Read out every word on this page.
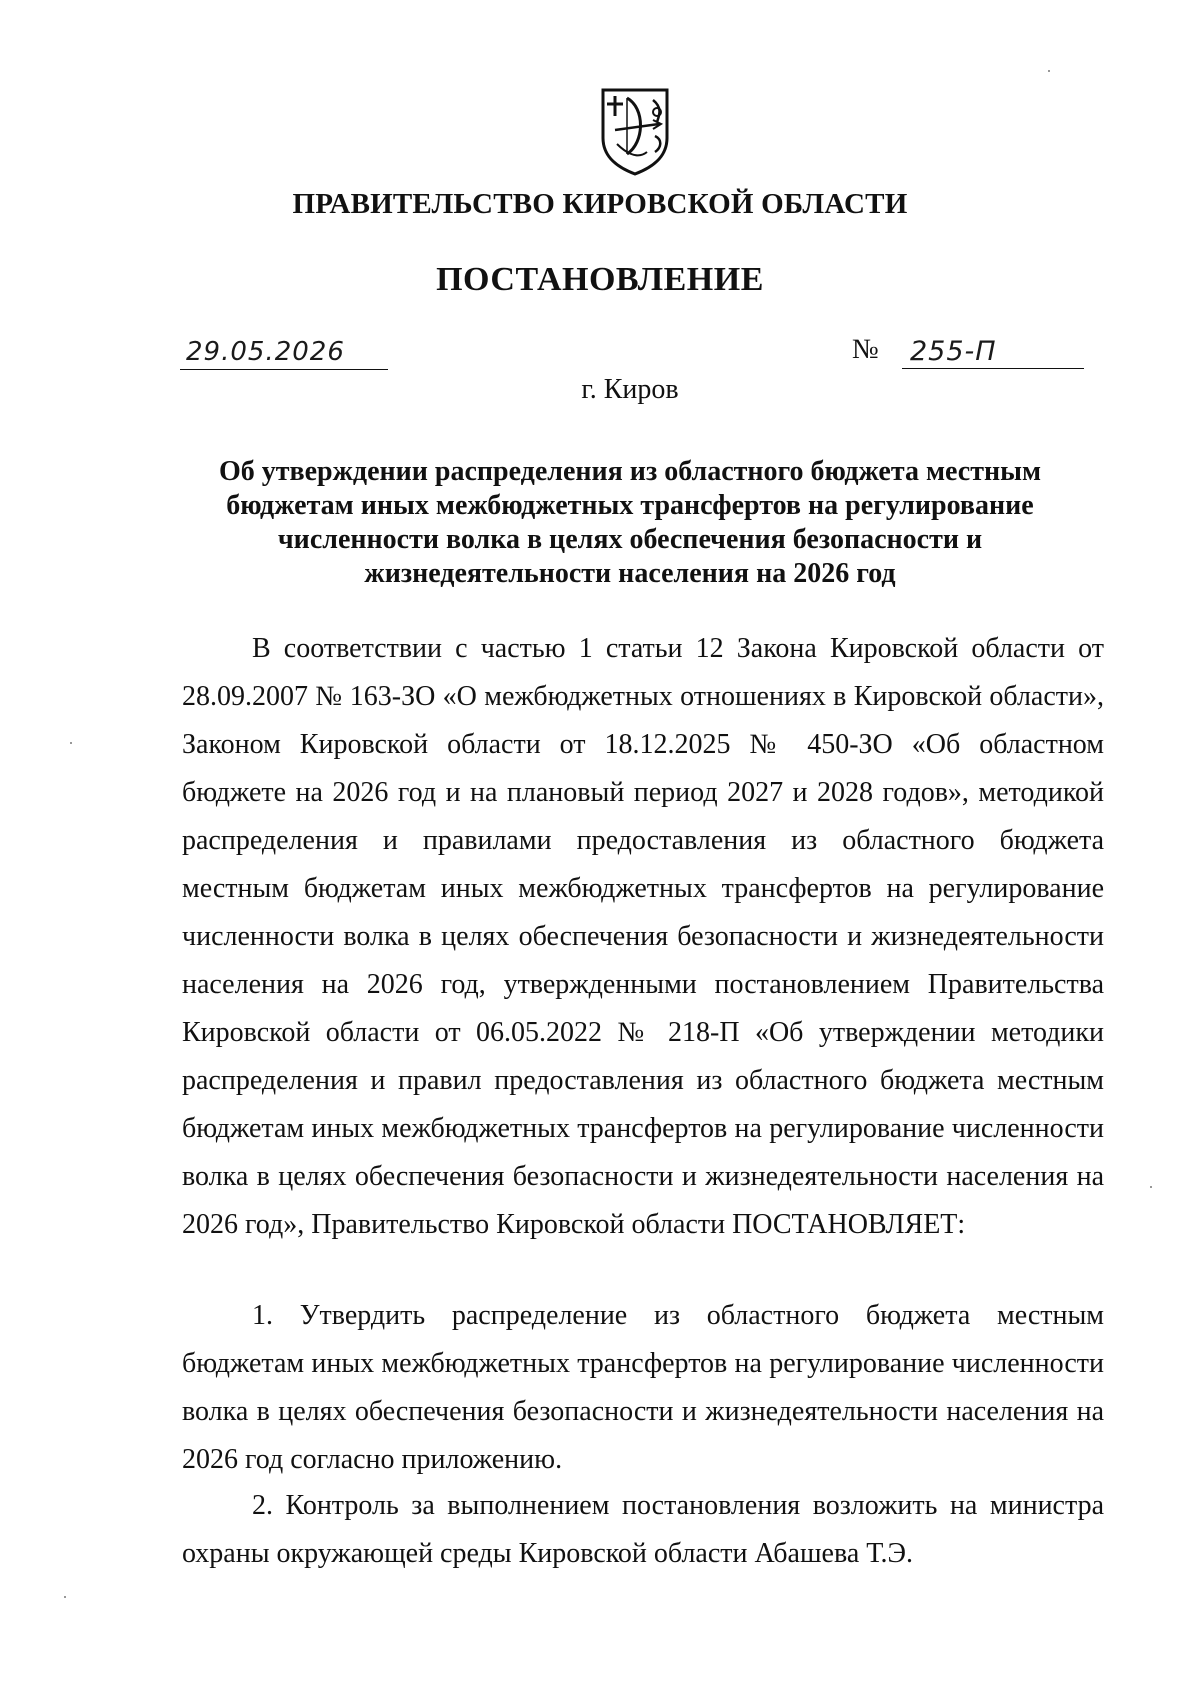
ПРАВИТЕЛЬСТВО КИРОВСКОЙ ОБЛАСТИ
ПОСТАНОВЛЕНИЕ
29.05.2026	№ 255-П
г. Киров
Об утверждении распределения из областного бюджета местным бюджетам иных межбюджетных трансфертов на регулирование численности волка в целях обеспечения безопасности и жизнедеятельности населения на 2026 год
В соответствии с частью 1 статьи 12 Закона Кировской области от 28.09.2007 № 163-ЗО «О межбюджетных отношениях в Кировской области», Законом Кировской области от 18.12.2025 № 450-ЗО «Об областном бюджете на 2026 год и на плановый период 2027 и 2028 годов», методикой распределения и правилами предоставления из областного бюджета местным бюджетам иных межбюджетных трансфертов на регулирование численности волка в целях обеспечения безопасности и жизнедеятельности населения на 2026 год, утвержденными постановлением Правительства Кировской области от 06.05.2022 № 218-П «Об утверждении методики распределения и правил предоставления из областного бюджета местным бюджетам иных межбюджетных трансфертов на регулирование численности волка в целях обеспечения безопасности и жизнедеятельности населения на 2026 год», Правительство Кировской области ПОСТАНОВЛЯЕТ:
1. Утвердить распределение из областного бюджета местным бюджетам иных межбюджетных трансфертов на регулирование численности волка в целях обеспечения безопасности и жизнедеятельности населения на 2026 год согласно приложению.
2. Контроль за выполнением постановления возложить на министра охраны окружающей среды Кировской области Абашева Т.Э.
